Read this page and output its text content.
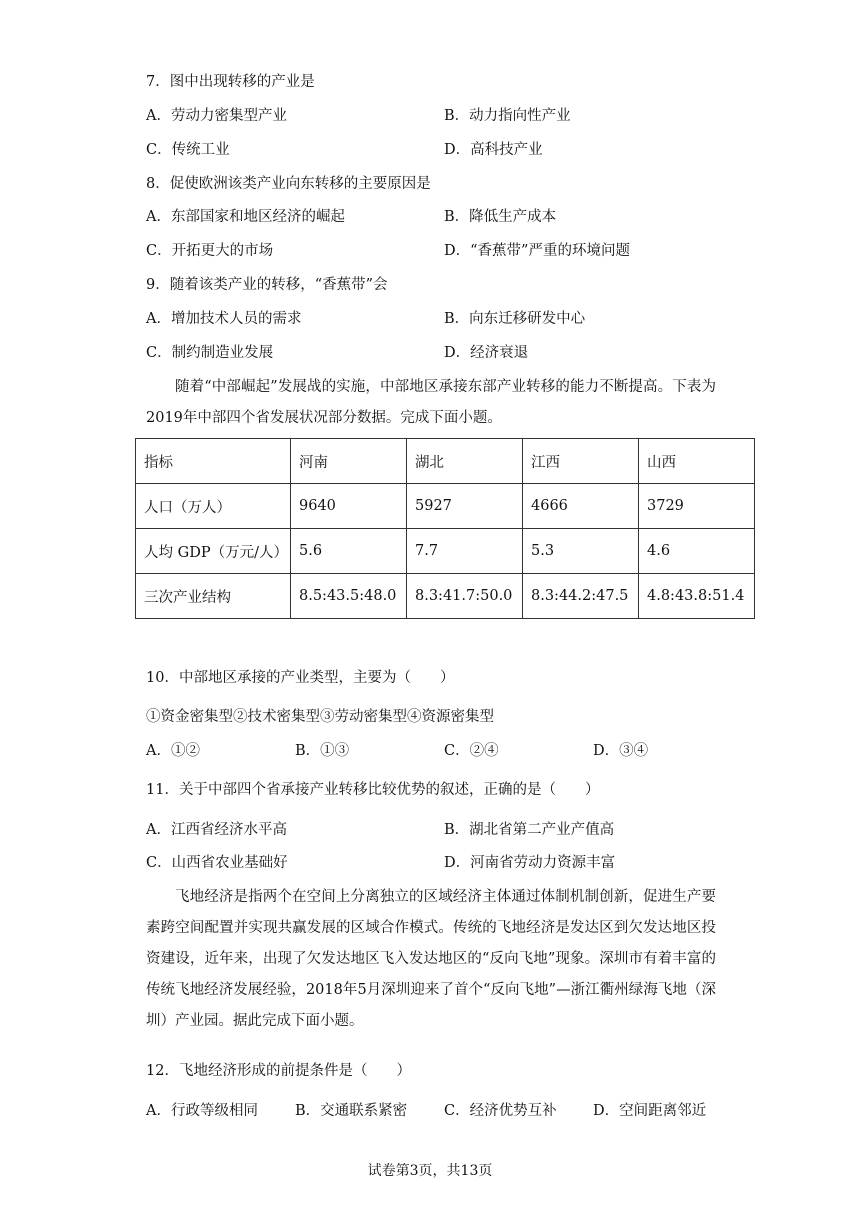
7．图中出现转移的产业是
A．劳动力密集型产业	B．动力指向性产业
C．传统工业	D．高科技产业
8．促使欧洲该类产业向东转移的主要原因是
A．东部国家和地区经济的崛起	B．降低生产成本
C．开拓更大的市场	D．“香蕉带”严重的环境问题
9．随着该类产业的转移，“香蕉带”会
A．增加技术人员的需求	B．向东迁移研发中心
C．制约制造业发展	D．经济衰退
随着“中部崛起”发展战的实施，中部地区承接东部产业转移的能力不断提高。下表为2019年中部四个省发展状况部分数据。完成下面小题。
指标	河南	湖北	江西	山西
人口（万人）	9640	5927	4666	3729
人均 GDP（万元/人）	5.6	7.7	5.3	4.6
三次产业结构	8.5:43.5:48.0	8.3:41.7:50.0	8.3:44.2:47.5	4.8:43.8:51.4
10．中部地区承接的产业类型，主要为（　　）
①资金密集型②技术密集型③劳动密集型④资源密集型
A．①②	B．①③	C．②④	D．③④
11．关于中部四个省承接产业转移比较优势的叙述，正确的是（　　）
A．江西省经济水平高	B．湖北省第二产业产值高
C．山西省农业基础好	D．河南省劳动力资源丰富
飞地经济是指两个在空间上分离独立的区域经济主体通过体制机制创新，促进生产要素跨空间配置并实现共赢发展的区域合作模式。传统的飞地经济是发达区到欠发达地区投资建设，近年来，出现了欠发达地区飞入发达地区的“反向飞地”现象。深圳市有着丰富的传统飞地经济发展经验，2018年5月深圳迎来了首个“反向飞地”—浙江衢州绿海飞地（深圳）产业园。据此完成下面小题。
12．飞地经济形成的前提条件是（　　）
A．行政等级相同	B．交通联系紧密	C．经济优势互补	D．空间距离邻近
试卷第3页，共13页
